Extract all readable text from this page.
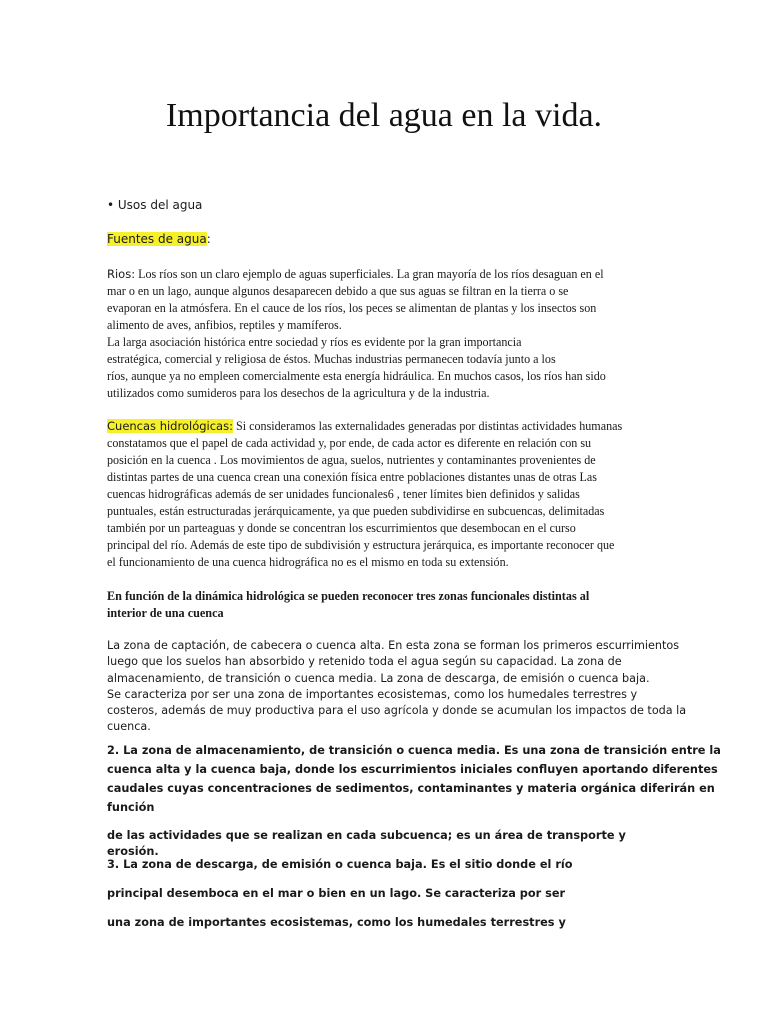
Importancia del agua en la vida.
• Usos del agua
Fuentes de agua:
Rios: Los ríos son un claro ejemplo de aguas superficiales. La gran mayoría de los ríos desaguan en el
mar o en un lago, aunque algunos desaparecen debido a que sus aguas se filtran en la tierra o se
evaporan en la atmósfera. En el cauce de los ríos, los peces se alimentan de plantas y los insectos son
alimento de aves, anfibios, reptiles y mamíferos.
La larga asociación histórica entre sociedad y ríos es evidente por la gran importancia
estratégica, comercial y religiosa de éstos. Muchas industrias permanecen todavía junto a los
ríos, aunque ya no empleen comercialmente esta energía hidráulica. En muchos casos, los ríos han sido
utilizados como sumideros para los desechos de la agricultura y de la industria.
Cuencas hidrológicas: Si consideramos las externalidades generadas por distintas actividades humanas
constatamos que el papel de cada actividad y, por ende, de cada actor es diferente en relación con su
posición en la cuenca . Los movimientos de agua, suelos, nutrientes y contaminantes provenientes de
distintas partes de una cuenca crean una conexión física entre poblaciones distantes unas de otras Las
cuencas hidrográficas además de ser unidades funcionales6 , tener límites bien definidos y salidas
puntuales, están estructuradas jerárquicamente, ya que pueden subdividirse en subcuencas, delimitadas
también por un parteaguas y donde se concentran los escurrimientos que desembocan en el curso
principal del río. Además de este tipo de subdivisión y estructura jerárquica, es importante reconocer que
el funcionamiento de una cuenca hidrográfica no es el mismo en toda su extensión.
En función de la dinámica hidrológica se pueden reconocer tres zonas funcionales distintas al
interior de una cuenca
La zona de captación, de cabecera o cuenca alta. En esta zona se forman los primeros escurrimientos
luego que los suelos han absorbido y retenido toda el agua según su capacidad. La zona de
almacenamiento, de transición o cuenca media. La zona de descarga, de emisión o cuenca baja.
Se caracteriza por ser una zona de importantes ecosistemas, como los humedales terrestres y
costeros, además de muy productiva para el uso agrícola y donde se acumulan los impactos de toda la
cuenca.
2. La zona de almacenamiento, de transición o cuenca media. Es una zona de transición entre la
cuenca alta y la cuenca baja, donde los escurrimientos iniciales confluyen aportando diferentes
caudales cuyas concentraciones de sedimentos, contaminantes y materia orgánica diferirán en
función
de las actividades que se realizan en cada subcuenca; es un área de transporte y erosión.
3. La zona de descarga, de emisión o cuenca baja. Es el sitio donde el río
principal desemboca en el mar o bien en un lago. Se caracteriza por ser
una zona de importantes ecosistemas, como los humedales terrestres y
